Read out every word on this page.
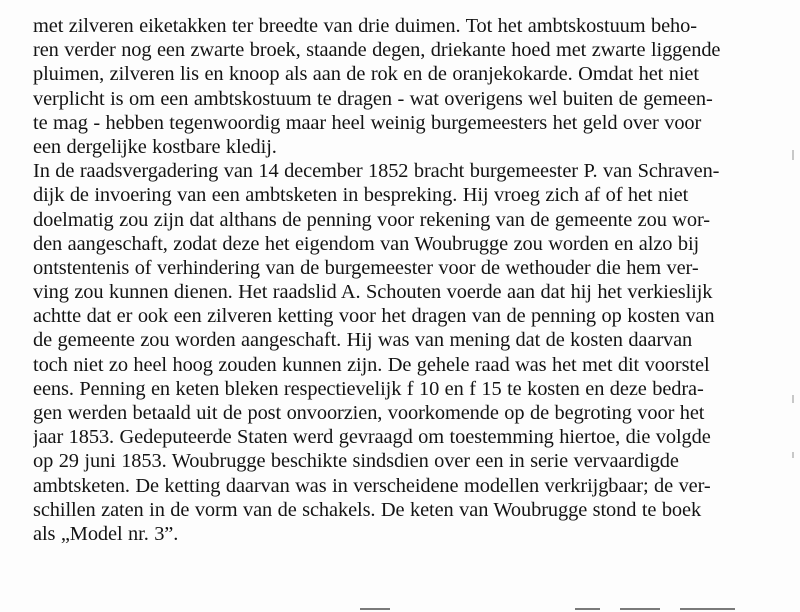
met zilveren eiketakken ter breedte van drie duimen. Tot het ambtskostuum beho-
ren verder nog een zwarte broek, staande degen, driekante hoed met zwarte liggende
pluimen, zilveren lis en knoop als aan de rok en de oranjekokarde. Omdat het niet
verplicht is om een ambtskostuum te dragen - wat overigens wel buiten de gemeen-
te mag - hebben tegenwoordig maar heel weinig burgemeesters het geld over voor
een dergelijke kostbare kledij.
In de raadsvergadering van 14 december 1852 bracht burgemeester P. van Schraven-
dijk de invoering van een ambtsketen in bespreking. Hij vroeg zich af of het niet
doelmatig zou zijn dat althans de penning voor rekening van de gemeente zou wor-
den aangeschaft, zodat deze het eigendom van Woubrugge zou worden en alzo bij
ontstentenis of verhindering van de burgemeester voor de wethouder die hem ver-
ving zou kunnen dienen. Het raadslid A. Schouten voerde aan dat hij het verkieslijk
achtte dat er ook een zilveren ketting voor het dragen van de penning op kosten van
de gemeente zou worden aangeschaft. Hij was van mening dat de kosten daarvan
toch niet zo heel hoog zouden kunnen zijn. De gehele raad was het met dit voorstel
eens. Penning en keten bleken respectievelijk f 10 en f 15 te kosten en deze bedra-
gen werden betaald uit de post onvoorzien, voorkomende op de begroting voor het
jaar 1853. Gedeputeerde Staten werd gevraagd om toestemming hiertoe, die volgde
op 29 juni 1853. Woubrugge beschikte sindsdien over een in serie vervaardigde
ambtsketen. De ketting daarvan was in verscheidene modellen verkrijgbaar; de ver-
schillen zaten in de vorm van de schakels. De keten van Woubrugge stond te boek
als „Model nr. 3”.
